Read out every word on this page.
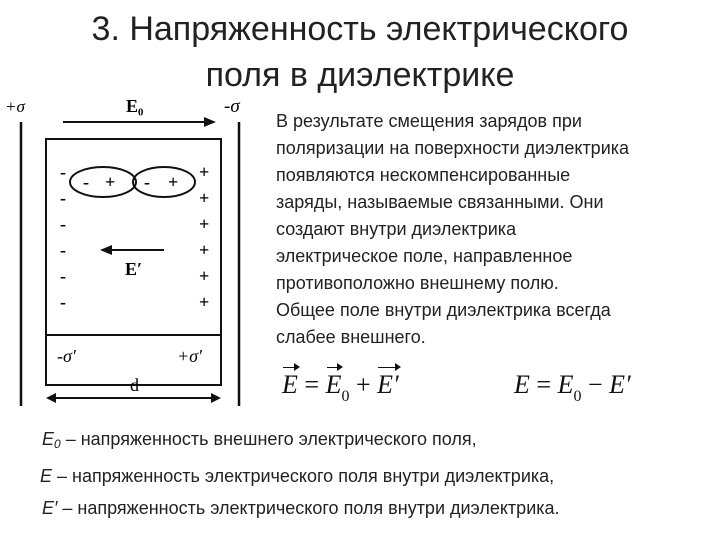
3. Напряженность электрического
поля в диэлектрике
+σ	-σ
E₀
-
-
-
-
-
-
+
+
+
+
+
+
- + - +
E′
-σ′	+σ′
d
В результате смещения зарядов при
поляризации на поверхности диэлектрика
появляются нескомпенсированные
заряды, называемые связанными. Они
создают внутри диэлектрика
электрическое поле, направленное
противоположно внешнему полю.
Общее поле внутри диэлектрика всегда
слабее внешнего.
$E = E_0 + E'$	$E = E_0 - E'$
$E_0$ – напряженность внешнего электрического поля,
E – напряженность электрического поля внутри диэлектрика,
E′ – напряженность электрического поля внутри диэлектрика.
